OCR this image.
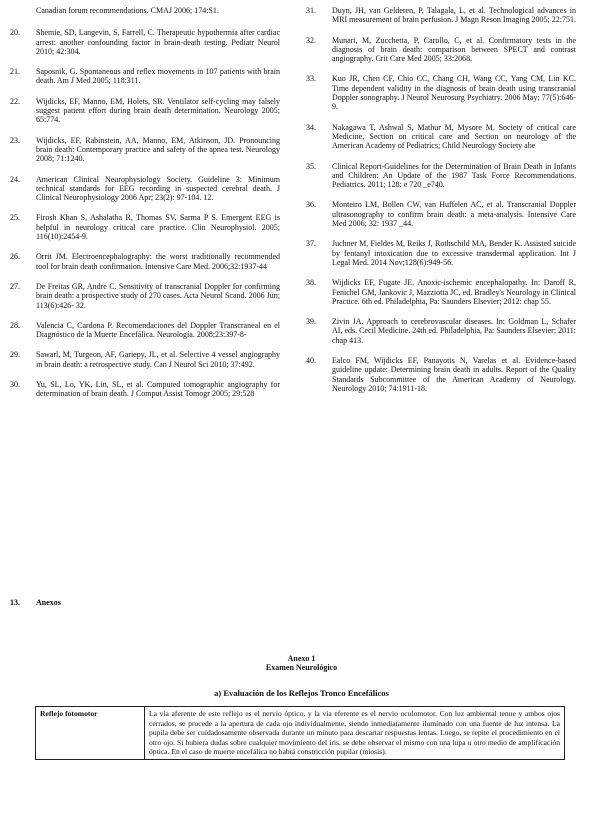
Canadian forum recommendations. CMAJ 2006; 174:S1.
20.	Shemie, SD, Langevin, S, Farrell, C. Therapeutic hypothermia after cardiac arrest: another confounding factor in brain-death testing. Pediatr Neurol 2010; 42:304.
21.	Saposnik, G. Spontaneous and reflex movements in 107 patients with brain death. Am J Med 2005; 118:311.
22.	Wijdicks, EF, Manno, EM, Holets, SR. Ventilator self-cycling may falsely suggest patient effort during brain death determination. Neurology 2005; 65:774.
23.	Wijdicks, EF, Rabinstein, AA, Manno, EM, Atkinson, JD. Pronouncing brain death: Contemporary practice and safety of the apnea test. Neurology 2008; 71:1240.
24.	American Clinical Neurophysiology Society. Guideline 3: Minimum technical standards for EEG recording in suspected cerebral death. J Clinical Neurophysiology 2006 Apr; 23(2): 97-104. 12.
25.	Firosh Khan S, Ashalatha R, Thomas SV, Sarma P S. Emergent EEG is helpful in neurology critical care practice. Clin Neurophysiol. 2005; 116(10):2454-9.
26.	Orrit JM. Electroencephalography: the worst traditionally recommended tool for brain death confirmation. Intensive Care Med. 2006;32:1937-44
27.	De Freitas GR, Andre C. Sensitivity of transcranial Doppler for confirming brain death: a prospective study of 270 cases. Acta Neurol Scand. 2006 Jun; 113(6):426- 32.
28.	Valencia C, Cardona P. Recomendaciones del Doppler Transcraneal en el Diagnóstico de la Muerte Encefálica. Neurología. 2008;23:397-8-
29.	Sawarl, M, Turgeon, AF, Gariepy, JL, et al. Selective 4 vessel angiography in brain death: a retrospective study. Can J Neurol Sci 2010; 37:492.
30.	Yu, SL, Lo, YK, Lin, SL, et al. Computed tomographic angiography for determination of brain death. J Comput Assist Tomogr 2005; 29:528
31.	Duyn, JH, van Gelderen, P, Talagala, L, et al. Technological advances in MRI measurement of brain perfusion. J Magn Reson Imaging 2005; 22:751.
32.	Munari, M, Zucchetta, P, Carollo, C, et al. Confirmatory tests in the diagnosis of brain death: comparison between SPECT and contrast angiography. Crit Care Med 2005; 33:2068.
33.	Kuo JR, Chen CF, Chio CC, Chang CH, Wang CC, Yang CM, Lin KC. Time dependent validity in the diagnosis of brain death using transcranial Doppler sonography. J Neurol Neurosurg Psychiatry. 2006 May; 77(5):646-9.
34.	Nakagawa T, Ashwal S, Mathur M, Mysore M. Society of critical care Medicine, Section on critical care and Section on neurology of the American Academy of Pediatrics; Child Neurology Society abe
35.	Clinical Report-Guidelines for the Determination of Brain Death in Infants and Children: An Update of the 1987 Task Force Recommendations. Pediatrics. 2011; 128: e 720 _e740.
36.	Monteiro LM, Bollen CW, van Huffelen AC, et al. Transcranial Doppler ultrasonography to confirm brain death: a meta-analysis. Intensive Care Med 2006; 32: 1937 _44.
37.	Juchner M, Fieldes M, Reiks J, Rothschild MA, Bender K. Assisted suicide by fentanyl intoxication due to excessive transdermal application. Int J Legal Med. 2014 Nov;128(6):949-56.
38.	Wijdicks EF, Fugate JE. Anoxic-ischemic encephalopathy. In: Daroff R, Fenichel GM, Jankovic J, Mazziotta JC, ed. Bradley's Neurology in Clinical Practice. 6th ed. Philadelphia, Pa: Saunders Elsevier; 2012: chap 55.
39.	Zivin JA. Approach to cerebrovascular diseases. In: Goldman L, Schafer AI, eds. Cecil Medicine. 24th ed. Philadelphia, Pa: Saunders Elsevier; 2011: chap 413.
40.	Ealco FM, Wijdicks EF, Panayotis N, Varelas et al. Evidence-based guideline update: Determining brain death in adults. Report of the Quality Standards Subcommittee of the American Academy of Neurology. Neurology 2010; 74:1911-18.
13. Anexos
Anexo 1
Examen Neurológico
a) Evaluación de los Reflejos Tronco Encefálicos
Reflejo fotomotor	La vía aferente de este reflejo es el nervio óptico, y la vía eferente es el nervio oculomotor. Con luz ambiental tenue y ambos ojos cerrados, se procede a la apertura de cada ojo individualmente, siendo inmediatamente iluminado con una fuente de luz intensa. La pupila debe ser cuidadosamente observada durante un minuto para descartar respuestas lentas. Luego, se repite el procedimiento en el otro ojo. Si hubiera dudas sobre cualquier movimiento del iris, se debe observar el mismo con una lupa u otro medio de amplificación óptica. En el caso de muerte encefálica no habrá constricción pupilar (miosis).
